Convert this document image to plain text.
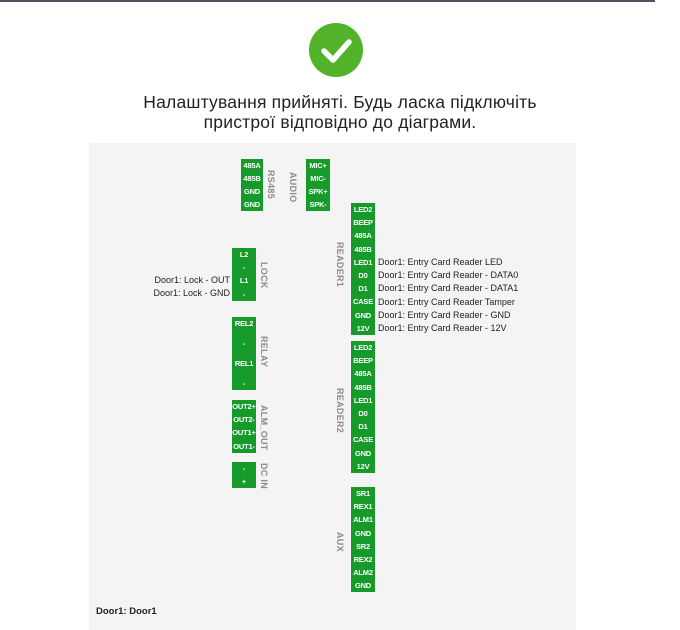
Налаштування прийняті. Будь ласка підключіть
пристрої відповідно до діаграми.
Door1: Door1
485A
485B
GND
GND
RS485
MIC+
MIC-
SPK+
SPK-
AUDIO
LED2
BEEP
485A
485B
LED1
D0
D1
CASE
GND
12V
READER1
LED2
BEEP
485A
485B
LED1
D0
D1
CASE
GND
12V
READER2
SR1
REX1
ALM1
GND
SR2
REX2
ALM2
GND
AUX
L2
-
L1
-
LOCK
REL2
-
REL1
-
RELAY
OUT2+
OUT2-
OUT1+
OUT1- ALM_OUT
-
+	DC IN
Door1: Lock - OUT
Door1: Lock - GND
Door1: Entry Card Reader LED
Door1: Entry Card Reader - DATA0
Door1: Entry Card Reader - DATA1
Door1: Entry Card Reader Tamper
Door1: Entry Card Reader - GND
Door1: Entry Card Reader - 12V
